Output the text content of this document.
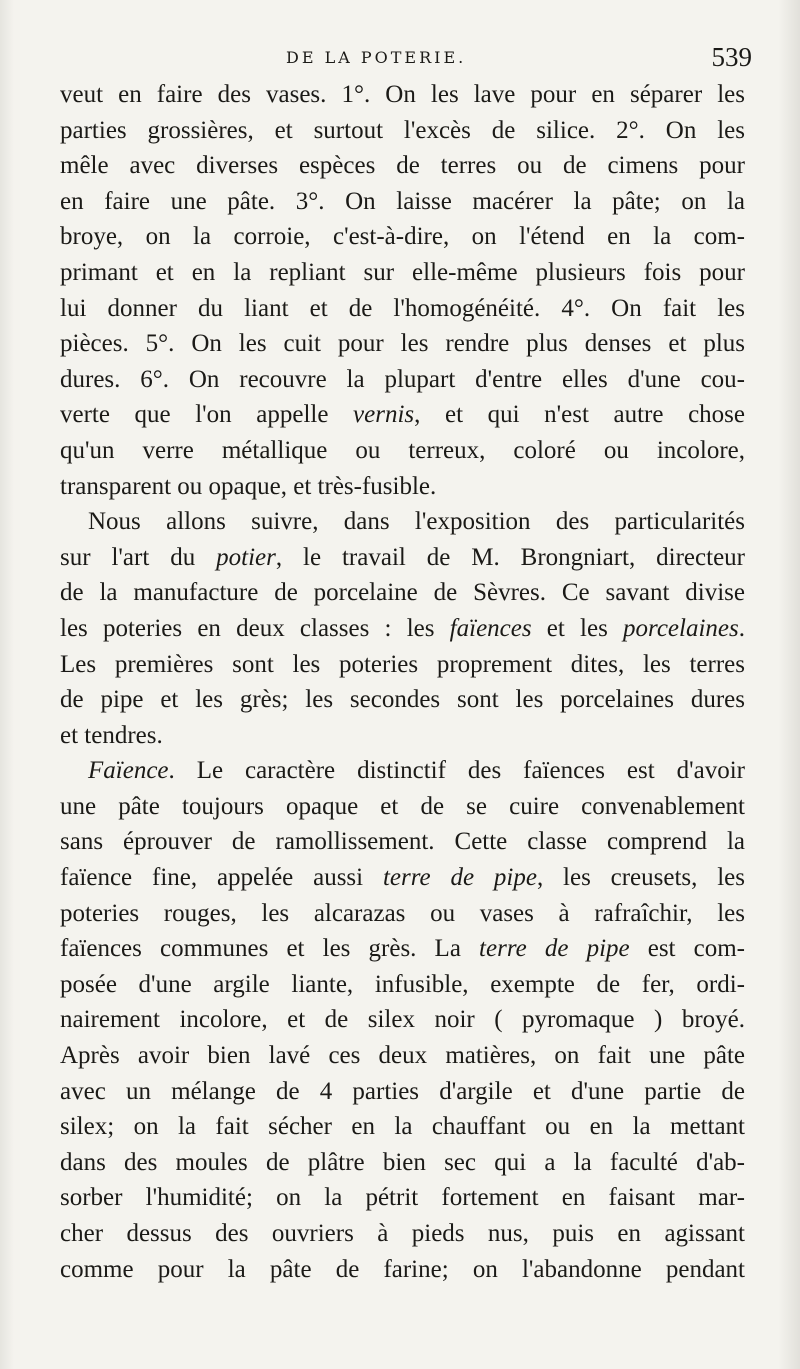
DE LA POTERIE.	539
veut en faire des vases. 1°. On les lave pour en séparer les
parties grossières, et surtout l'excès de silice. 2°. On les
mêle avec diverses espèces de terres ou de cimens pour
en faire une pâte. 3°. On laisse macérer la pâte; on la
broye, on la corroie, c'est-à-dire, on l'étend en la com-
primant et en la repliant sur elle-même plusieurs fois pour
lui donner du liant et de l'homogénéité. 4°. On fait les
pièces. 5°. On les cuit pour les rendre plus denses et plus
dures. 6°. On recouvre la plupart d'entre elles d'une cou-
verte que l'on appelle vernis, et qui n'est autre chose
qu'un verre métallique ou terreux, coloré ou incolore,
transparent ou opaque, et très-fusible.
Nous allons suivre, dans l'exposition des particularités
sur l'art du potier, le travail de M. Brongniart, directeur
de la manufacture de porcelaine de Sèvres. Ce savant divise
les poteries en deux classes : les faïences et les porcelaines.
Les premières sont les poteries proprement dites, les terres
de pipe et les grès; les secondes sont les porcelaines dures
et tendres.
Faïence. Le caractère distinctif des faïences est d'avoir
une pâte toujours opaque et de se cuire convenablement
sans éprouver de ramollissement. Cette classe comprend la
faïence fine, appelée aussi terre de pipe, les creusets, les
poteries rouges, les alcarazas ou vases à rafraîchir, les
faïences communes et les grès. La terre de pipe est com-
posée d'une argile liante, infusible, exempte de fer, ordi-
nairement incolore, et de silex noir ( pyromaque ) broyé.
Après avoir bien lavé ces deux matières, on fait une pâte
avec un mélange de 4 parties d'argile et d'une partie de
silex; on la fait sécher en la chauffant ou en la mettant
dans des moules de plâtre bien sec qui a la faculté d'ab-
sorber l'humidité; on la pétrit fortement en faisant mar-
cher dessus des ouvriers à pieds nus, puis en agissant
comme pour la pâte de farine; on l'abandonne pendant
